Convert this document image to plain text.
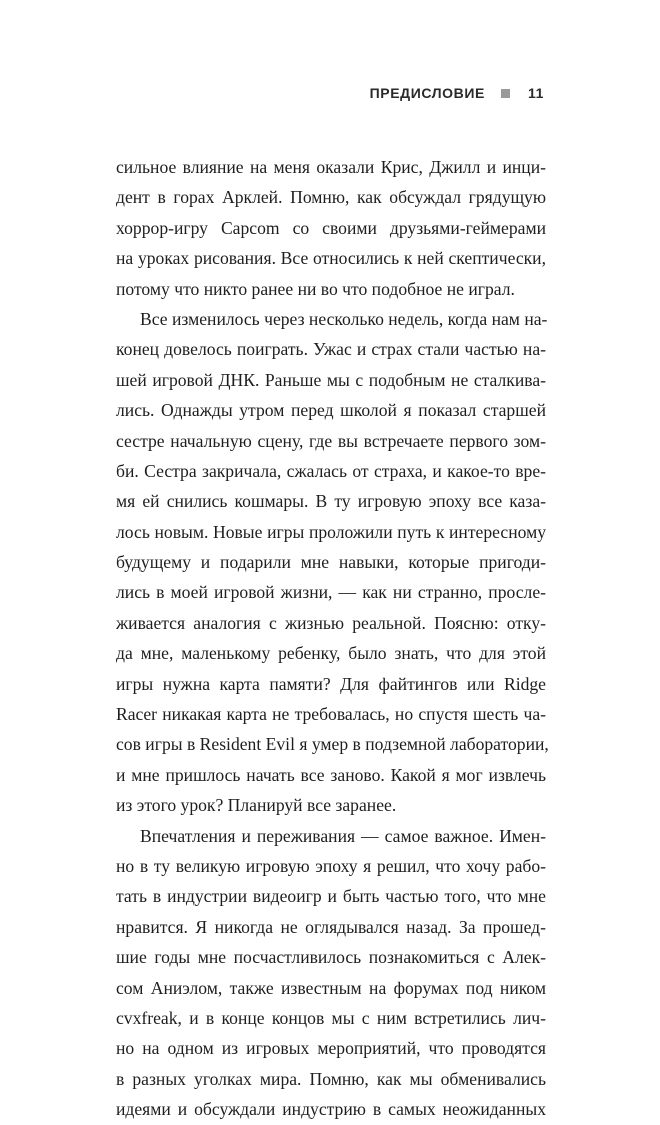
ПРЕДИСЛОВИЕ	11
сильное влияние на меня оказали Крис, Джилл и инци-
дент в горах Арклей. Помню, как обсуждал грядущую
хоррор-игру Capcom со своими друзьями-геймерами
на уроках рисования. Все относились к ней скептически,
потому что никто ранее ни во что подобное не играл.
Все изменилось через несколько недель, когда нам на-
конец довелось поиграть. Ужас и страх стали частью на-
шей игровой ДНК. Раньше мы с подобным не сталкива-
лись. Однажды утром перед школой я показал старшей
сестре начальную сцену, где вы встречаете первого зом-
би. Сестра закричала, сжалась от страха, и какое-то вре-
мя ей снились кошмары. В ту игровую эпоху все каза-
лось новым. Новые игры проложили путь к интересному
будущему и подарили мне навыки, которые пригоди-
лись в моей игровой жизни, — как ни странно, просле-
живается аналогия с жизнью реальной. Поясню: отку-
да мне, маленькому ребенку, было знать, что для этой
игры нужна карта памяти? Для файтингов или Ridge
Racer никакая карта не требовалась, но спустя шесть ча-
сов игры в Resident Evil я умер в подземной лаборатории,
и мне пришлось начать все заново. Какой я мог извлечь
из этого урок? Планируй все заранее.
Впечатления и переживания — самое важное. Имен-
но в ту великую игровую эпоху я решил, что хочу рабо-
тать в индустрии видеоигр и быть частью того, что мне
нравится. Я никогда не оглядывался назад. За прошед-
шие годы мне посчастливилось познакомиться с Алек-
сом Аниэлом, также известным на форумах под ником
cvxfreak, и в конце концов мы с ним встретились лич-
но на одном из игровых мероприятий, что проводятся
в разных уголках мира. Помню, как мы обменивались
идеями и обсуждали индустрию в самых неожиданных
